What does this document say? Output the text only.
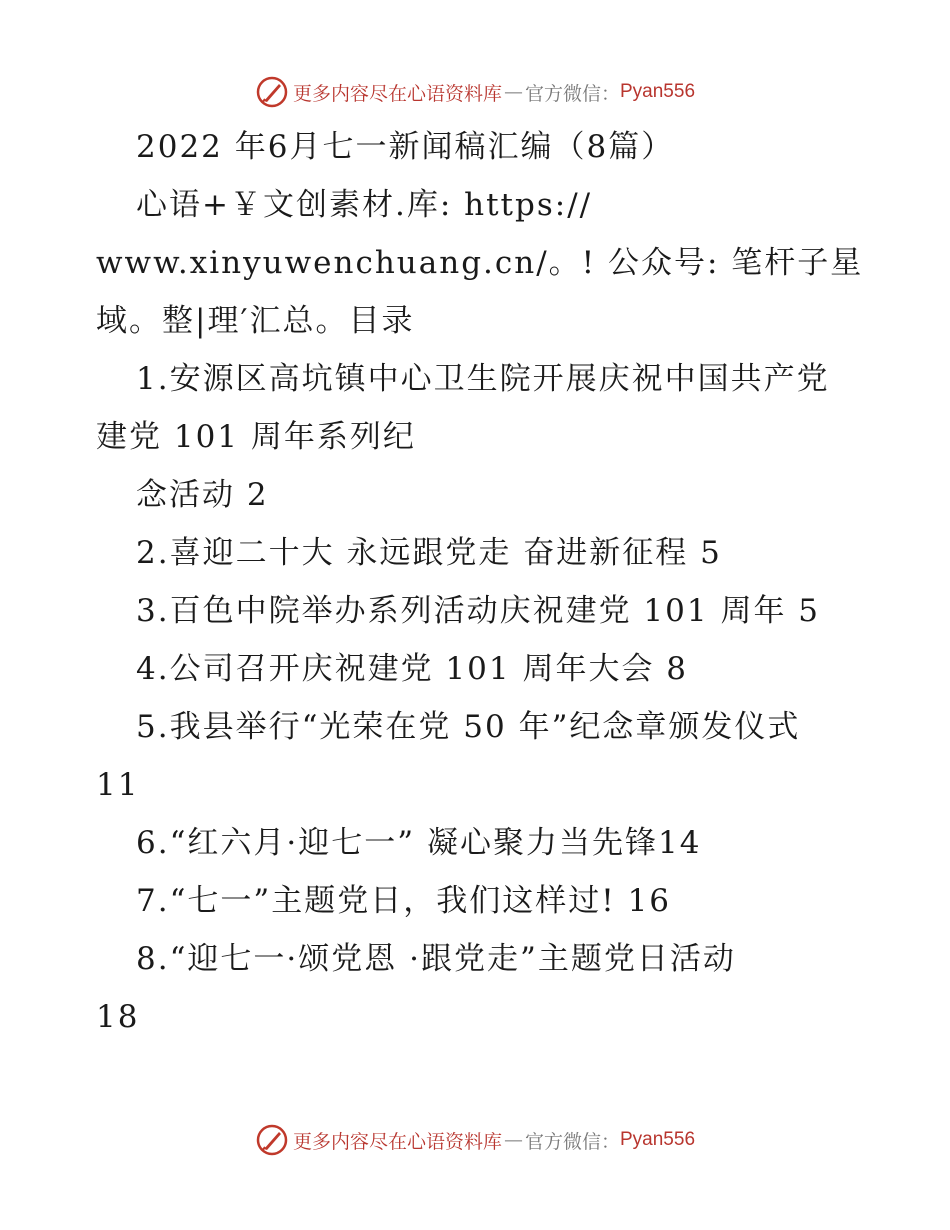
更多内容尽在心语资料库 — 官方微信： Pyan556
2022 年6月七一新闻稿汇编（8篇）
心语+￥文创素材.库: https://
www.xinyuwenchuang.cn/。! 公众号: 笔杆子星
域。整|理′汇总。目录
1.安源区高坑镇中心卫生院开展庆祝中国共产党
建党 101 周年系列纪
念活动 2
2.喜迎二十大 永远跟党走 奋进新征程 5
3.百色中院举办系列活动庆祝建党 101 周年 5
4.公司召开庆祝建党 101 周年大会 8
5.我县举行“光荣在党 50 年”纪念章颁发仪式
11
6.“红六月·迎七一” 凝心聚力当先锋14
7.“七一”主题党日，我们这样过! 16
8.“迎七一·颂党恩 ·跟党走”主题党日活动
18
更多内容尽在心语资料库 — 官方微信： Pyan556
